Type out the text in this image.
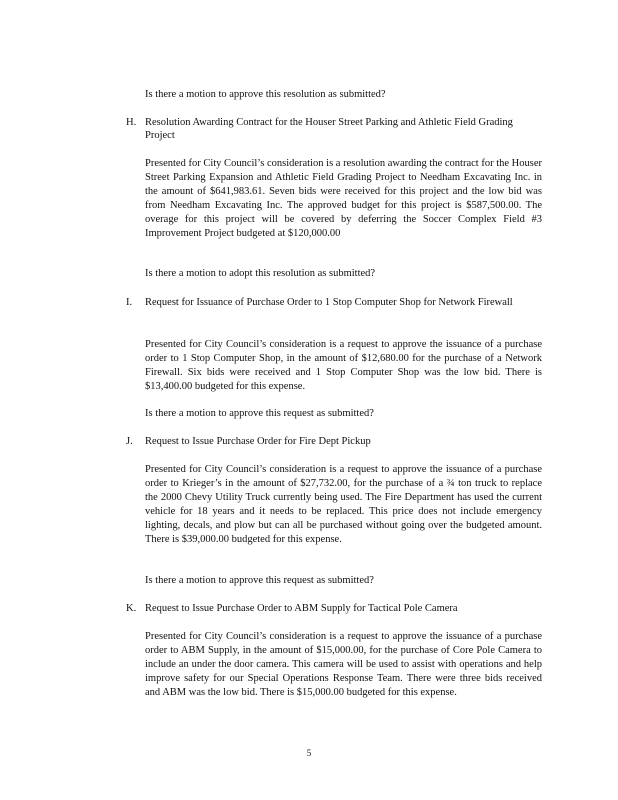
Is there a motion to approve this resolution as submitted?
H. Resolution Awarding Contract for the Houser Street Parking and Athletic Field Grading Project
Presented for City Council’s consideration is a resolution awarding the contract for the Houser Street Parking Expansion and Athletic Field Grading Project to Needham Excavating Inc. in the amount of $641,983.61. Seven bids were received for this project and the low bid was from Needham Excavating Inc. The approved budget for this project is $587,500.00. The overage for this project will be covered by deferring the Soccer Complex Field #3 Improvement Project budgeted at $120,000.00
Is there a motion to adopt this resolution as submitted?
I. Request for Issuance of Purchase Order to 1 Stop Computer Shop for Network Firewall
Presented for City Council’s consideration is a request to approve the issuance of a purchase order to 1 Stop Computer Shop, in the amount of $12,680.00 for the purchase of a Network Firewall. Six bids were received and 1 Stop Computer Shop was the low bid. There is $13,400.00 budgeted for this expense.
Is there a motion to approve this request as submitted?
J. Request to Issue Purchase Order for Fire Dept Pickup
Presented for City Council’s consideration is a request to approve the issuance of a purchase order to Krieger’s in the amount of $27,732.00, for the purchase of a ¾ ton truck to replace the 2000 Chevy Utility Truck currently being used. The Fire Department has used the current vehicle for 18 years and it needs to be replaced. This price does not include emergency lighting, decals, and plow but can all be purchased without going over the budgeted amount. There is $39,000.00 budgeted for this expense.
Is there a motion to approve this request as submitted?
K. Request to Issue Purchase Order to ABM Supply for Tactical Pole Camera
Presented for City Council’s consideration is a request to approve the issuance of a purchase order to ABM Supply, in the amount of $15,000.00, for the purchase of Core Pole Camera to include an under the door camera. This camera will be used to assist with operations and help improve safety for our Special Operations Response Team. There were three bids received and ABM was the low bid. There is $15,000.00 budgeted for this expense.
5
